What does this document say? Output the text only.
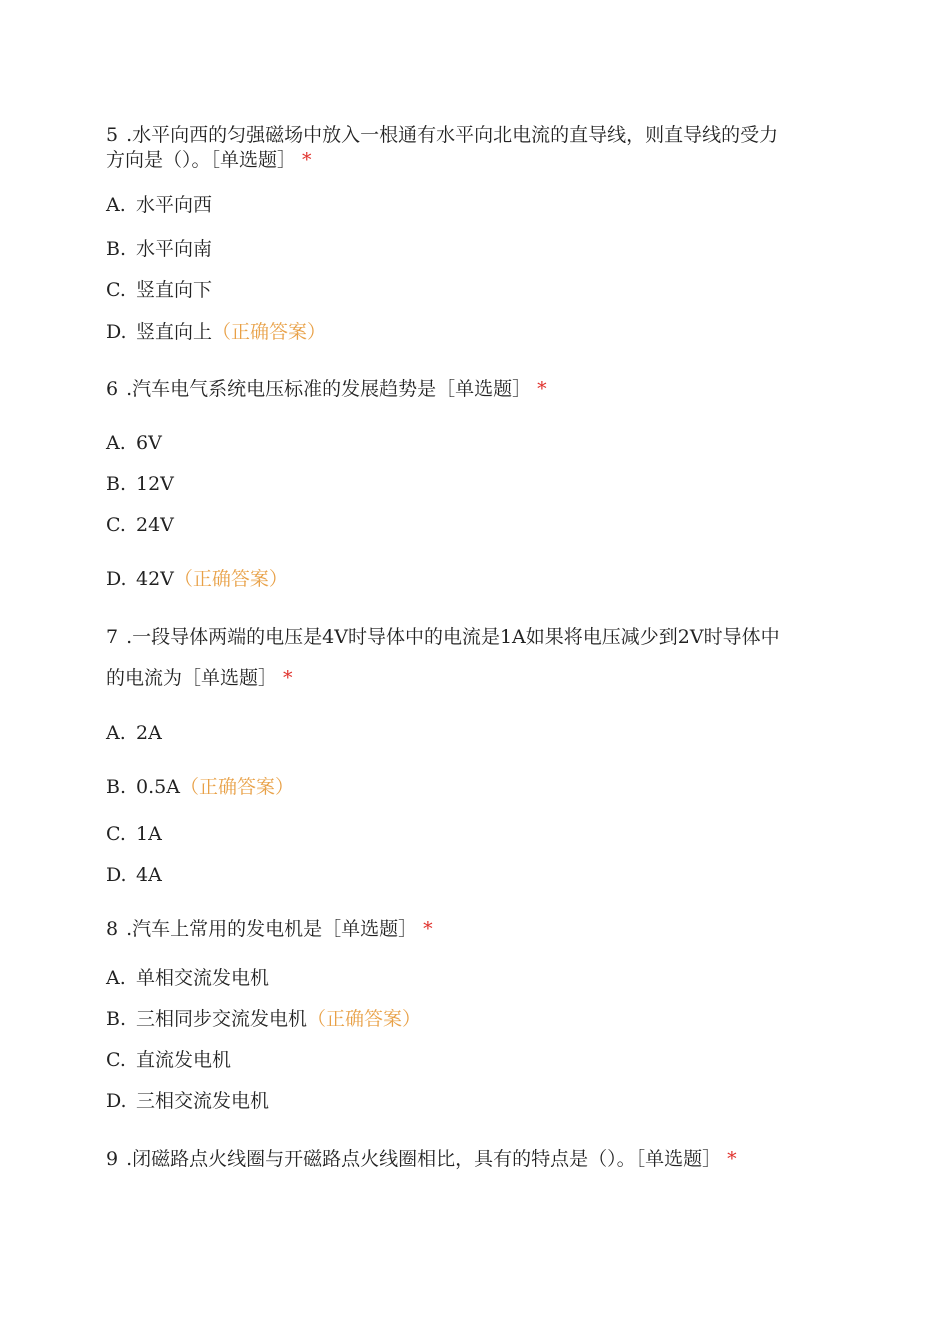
5 .水平向西的匀强磁场中放入一根通有水平向北电流的直导线，则直导线的受力
方向是（）。［单选题］ *
A. 水平向西
B. 水平向南
C. 竖直向下
D. 竖直向上（正确答案）
6 .汽车电气系统电压标准的发展趋势是［单选题］ *
A. 6V
B. 12V
C. 24V
D. 42V（正确答案）
7 .一段导体两端的电压是4V时导体中的电流是1A如果将电压减少到2V时导体中
的电流为［单选题］ *
A. 2A
B. 0.5A（正确答案）
C. 1A
D. 4A
8 .汽车上常用的发电机是［单选题］ *
A. 单相交流发电机
B. 三相同步交流发电机（正确答案）
C. 直流发电机
D. 三相交流发电机
9 .闭磁路点火线圈与开磁路点火线圈相比，具有的特点是（）。［单选题］ *
